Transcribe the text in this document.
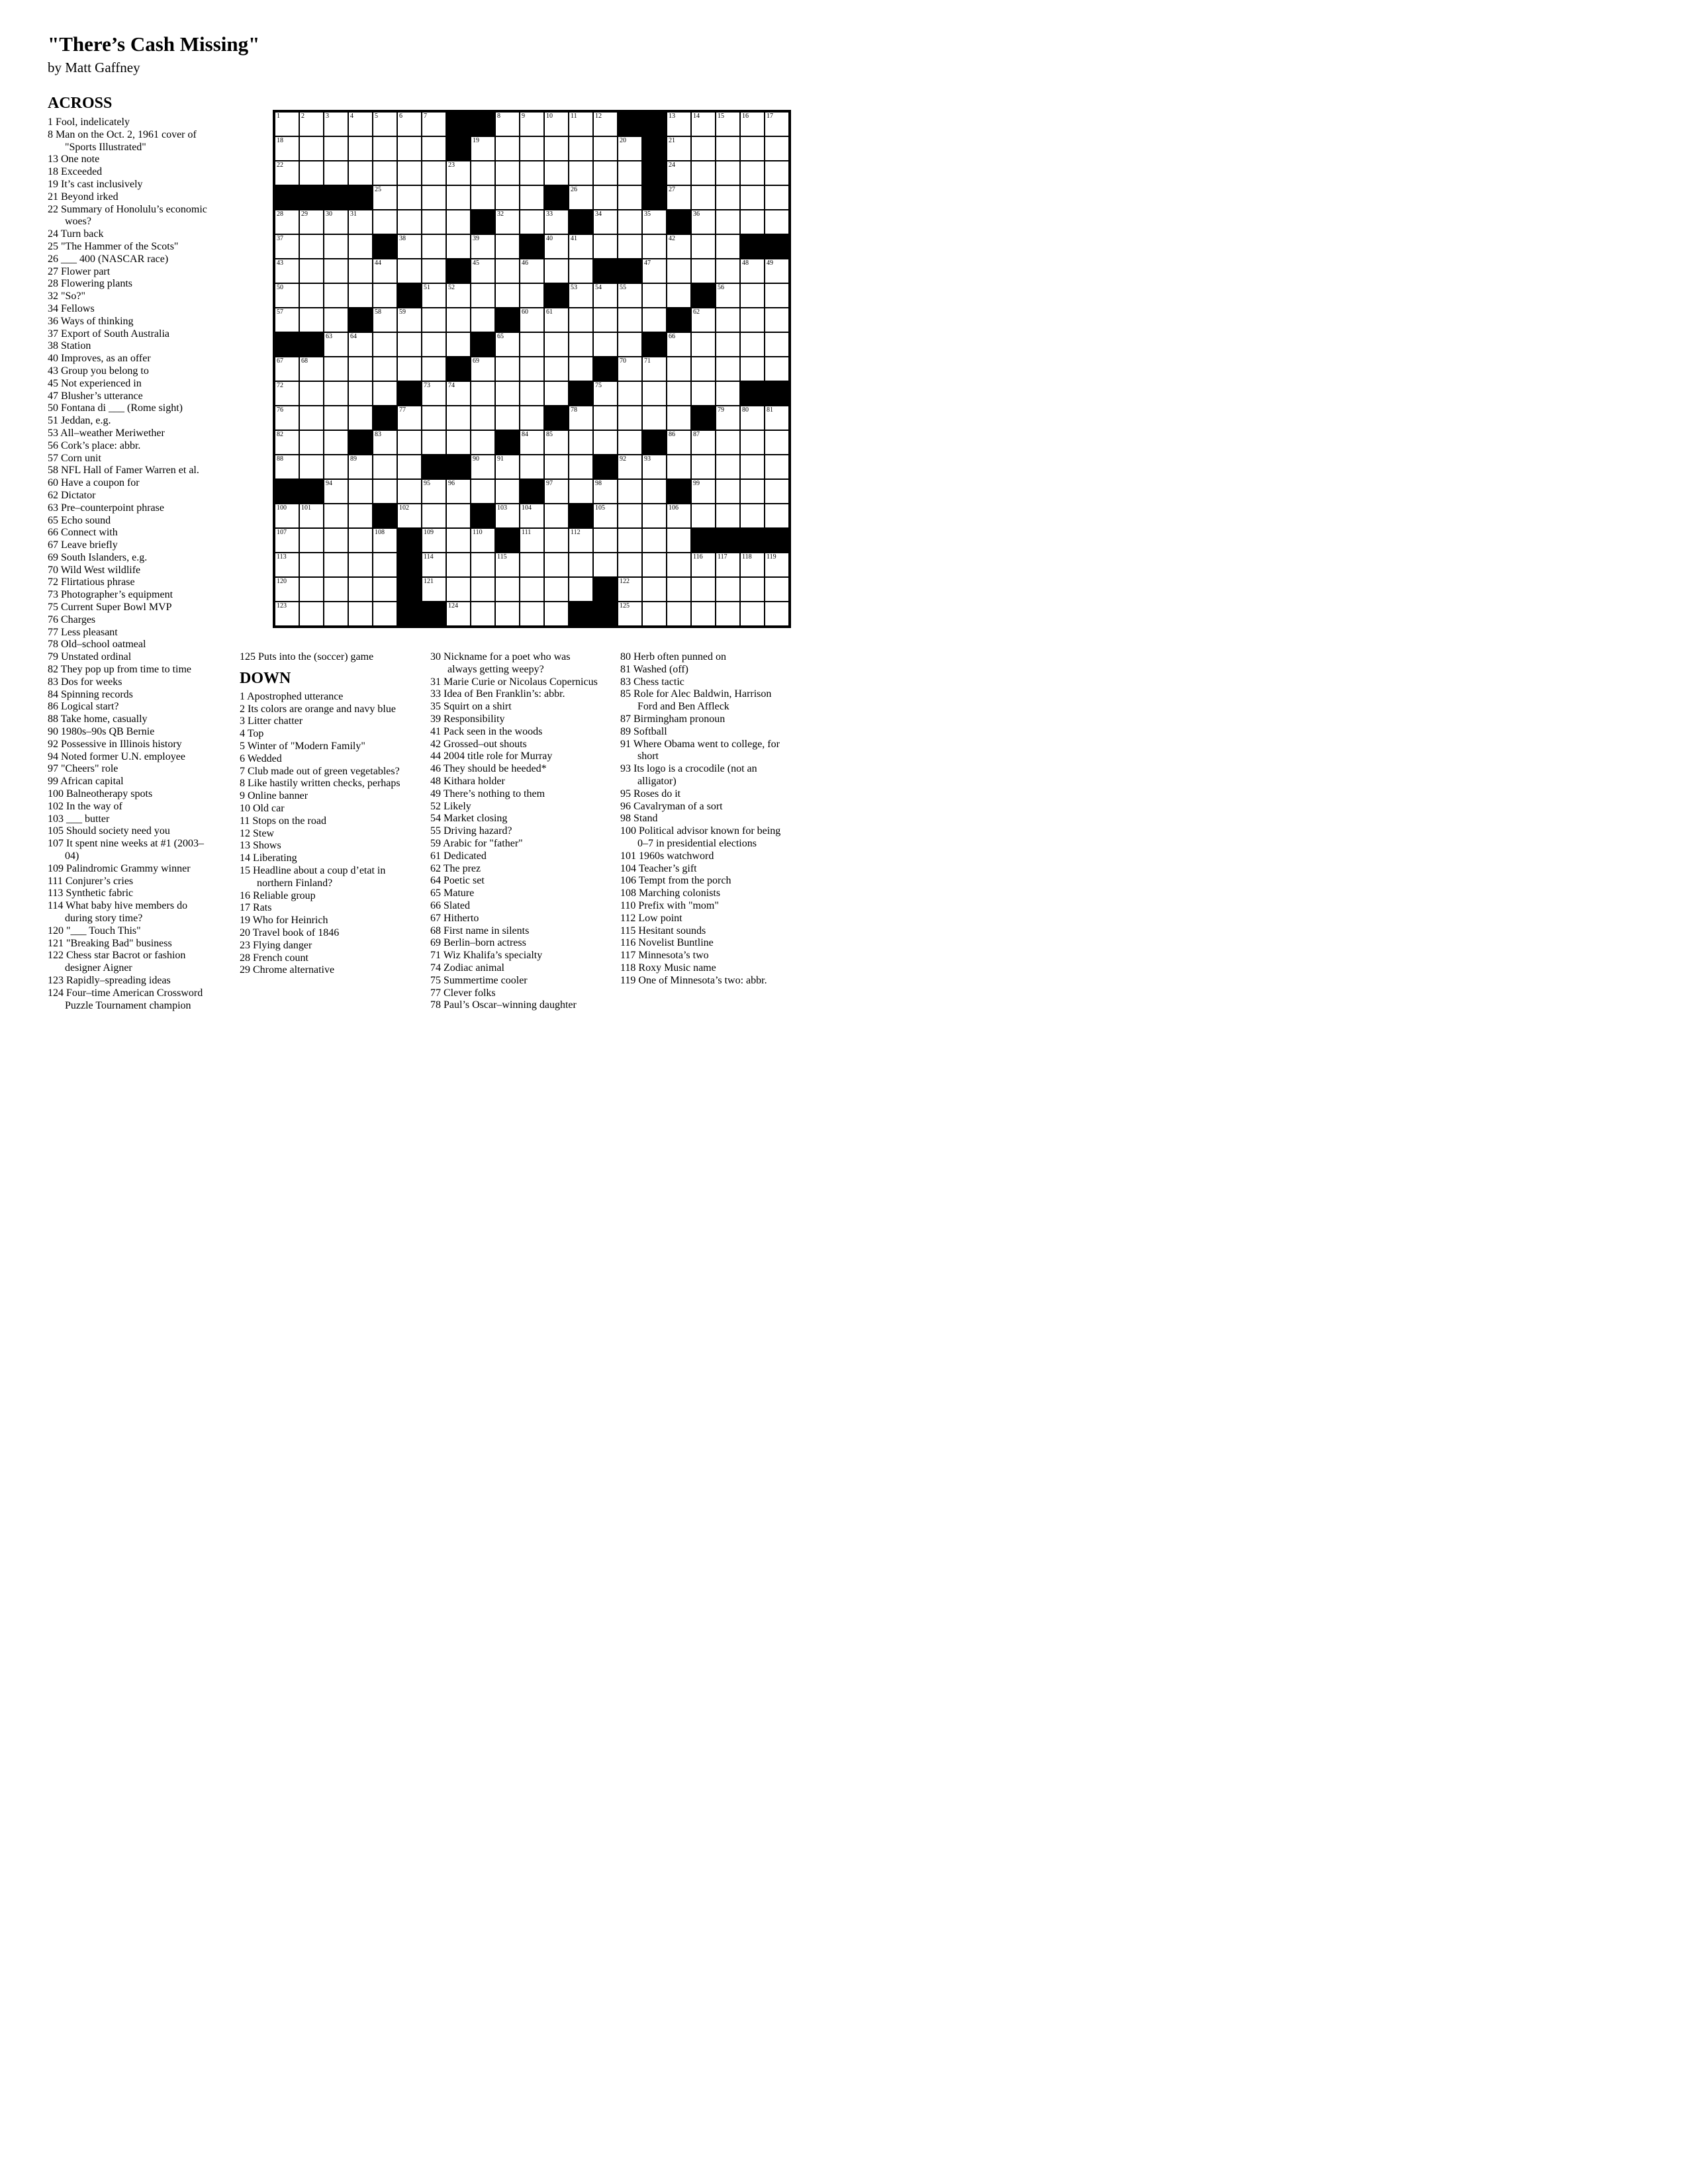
"There’s Cash Missing"
by Matt Gaffney
ACROSS
1 Fool, indelicately
8 Man on the Oct. 2, 1961 cover of "Sports Illustrated"
13 One note
18 Exceeded
19 It’s cast inclusively
21 Beyond irked
22 Summary of Honolulu’s economic woes?
24 Turn back
25 "The Hammer of the Scots"
26 ___ 400 (NASCAR race)
27 Flower part
28 Flowering plants
32 "So?"
34 Fellows
36 Ways of thinking
37 Export of South Australia
38 Station
40 Improves, as an offer
43 Group you belong to
45 Not experienced in
47 Blusher’s utterance
50 Fontana di ___ (Rome sight)
51 Jeddan, e.g.
53 All–weather Meriwether
56 Cork’s place: abbr.
57 Corn unit
58 NFL Hall of Famer Warren et al.
60 Have a coupon for
62 Dictator
63 Pre–counterpoint phrase
65 Echo sound
66 Connect with
67 Leave briefly
69 South Islanders, e.g.
70 Wild West wildlife
72 Flirtatious phrase
73 Photographer’s equipment
75 Current Super Bowl MVP
76 Charges
77 Less pleasant
78 Old–school oatmeal
79 Unstated ordinal
82 They pop up from time to time
83 Dos for weeks
84 Spinning records
86 Logical start?
88 Take home, casually
90 1980s–90s QB Bernie
92 Possessive in Illinois history
94 Noted former U.N. employee
97 "Cheers" role
99 African capital
100 Balneotherapy spots
102 In the way of
103 ___ butter
105 Should society need you
107 It spent nine weeks at #1 (2003–04)
109 Palindromic Grammy winner
111 Conjurer’s cries
113 Synthetic fabric
114 What baby hive members do during story time?
120 "___ Touch This"
121 "Breaking Bad" business
122 Chess star Bacrot or fashion designer Aigner
123 Rapidly–spreading ideas
124 Four–time American Crossword Puzzle Tournament champion
1	2	3	4	5	6	7	8	9	10	11	12	13	14	15	16	17
18	19	20	21
22	23	24
25	26	27
28	29	30	31	32	33	34	35	36
37	38	39	40	41	42
43	44	45	46	47	48	49
50	51	52	53	54	55	56
57	58	59	60	61	62
63	64	65	66
67	68	69	70	71
72	73	74	75
76	77	78	79	80	81
82	83	84	85	86	87
88	89	90	91	92	93
94	95	96	97	98	99
100 101	102	103 104	105	106
107	108	109	110	111	112
113	114	115	116 117 118 119
120	121	122
123	124	125
125 Puts into the (soccer) game
DOWN
1 Apostrophed utterance
2 Its colors are orange and navy blue
3 Litter chatter
4 Top
5 Winter of "Modern Family"
6 Wedded
7 Club made out of green vegetables?
8 Like hastily written checks, perhaps
9 Online banner
10 Old car
11 Stops on the road
12 Stew
13 Shows
14 Liberating
15 Headline about a coup d’etat in northern Finland?
16 Reliable group
17 Rats
19 Who for Heinrich
20 Travel book of 1846
23 Flying danger
28 French count
29 Chrome alternative
30 Nickname for a poet who was always getting weepy?
31 Marie Curie or Nicolaus Copernicus
33 Idea of Ben Franklin’s: abbr.
35 Squirt on a shirt
39 Responsibility
41 Pack seen in the woods
42 Grossed–out shouts
44 2004 title role for Murray
46 They should be heeded*
48 Kithara holder
49 There’s nothing to them
52 Likely
54 Market closing
55 Driving hazard?
59 Arabic for "father"
61 Dedicated
62 The prez
64 Poetic set
65 Mature
66 Slated
67 Hitherto
68 First name in silents
69 Berlin–born actress
71 Wiz Khalifa’s specialty
74 Zodiac animal
75 Summertime cooler
77 Clever folks
78 Paul’s Oscar–winning daughter
80 Herb often punned on
81 Washed (off)
83 Chess tactic
85 Role for Alec Baldwin, Harrison Ford and Ben Affleck
87 Birmingham pronoun
89 Softball
91 Where Obama went to college, for short
93 Its logo is a crocodile (not an alligator)
95 Roses do it
96 Cavalryman of a sort
98 Stand
100 Political advisor known for being 0–7 in presidential elections
101 1960s watchword
104 Teacher’s gift
106 Tempt from the porch
108 Marching colonists
110 Prefix with "mom"
112 Low point
115 Hesitant sounds
116 Novelist Buntline
117 Minnesota’s two
118 Roxy Music name
119 One of Minnesota’s two: abbr.
